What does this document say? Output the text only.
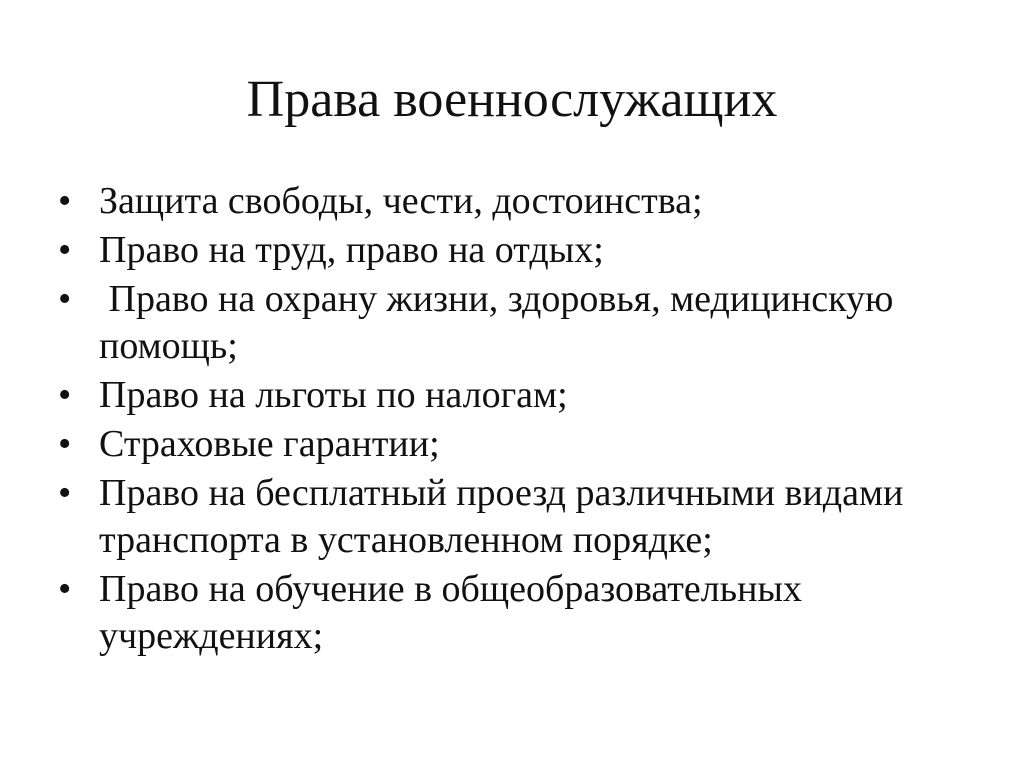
Права военнослужащих
• Защита свободы, чести, достоинства;
• Право на труд, право на отдых;
• Право на охрану жизни, здоровья, медицинскую помощь;
• Право на льготы по налогам;
• Страховые гарантии;
• Право на бесплатный проезд различными видами транспорта в установленном порядке;
• Право на обучение в общеобразовательных учреждениях;
